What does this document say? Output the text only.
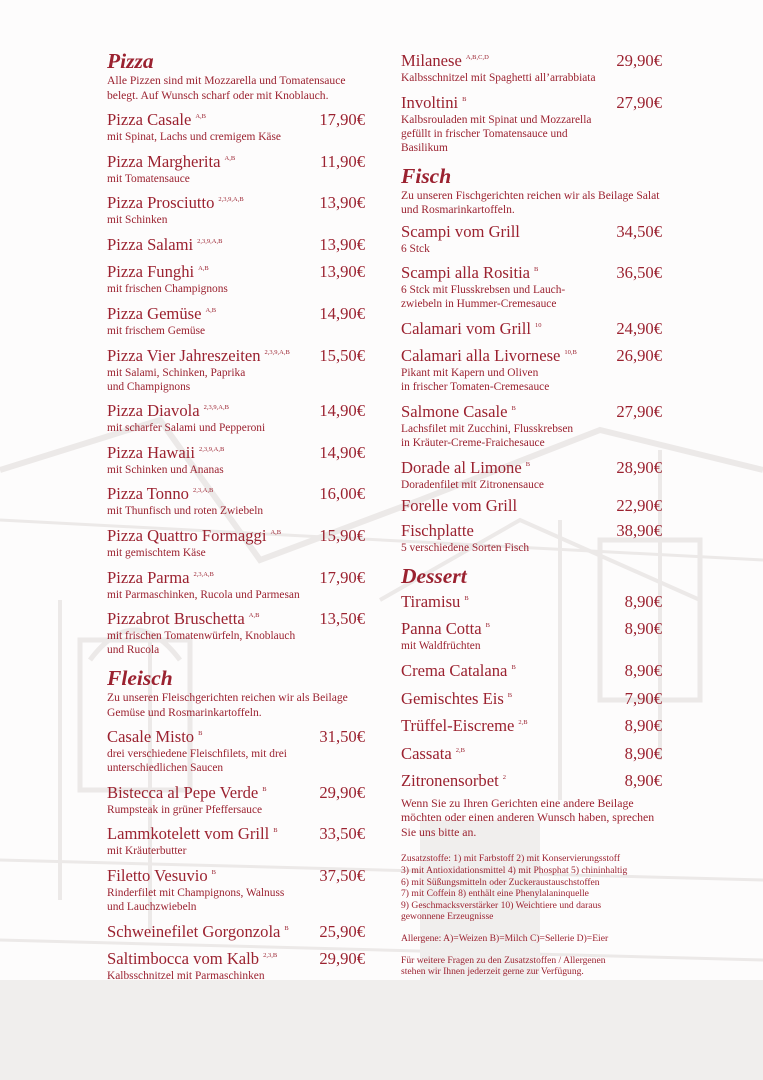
Pizza
Alle Pizzen sind mit Mozzarella und Tomatensauce belegt. Auf Wunsch scharf oder mit Knoblauch.
Pizza Casale $^{A,B}$	17,90€
mit Spinat, Lachs und cremigem Käse
Pizza Margherita $^{A,B}$	11,90€
mit Tomatensauce
Pizza Prosciutto $^{2,3,9,A,B}$	13,90€
mit Schinken
Pizza Salami $^{2,3,9,A,B}$	13,90€
Pizza Funghi $^{A,B}$	13,90€
mit frischen Champignons
Pizza Gemüse $^{A,B}$	14,90€
mit frischem Gemüse
Pizza Vier Jahreszeiten $^{2,3,9,A,B}$ 15,50€
mit Salami, Schinken, Paprika
und Champignons
Pizza Diavola $^{2,3,9,A,B}$	14,90€
mit scharfer Salami und Pepperoni
Pizza Hawaii $^{2,3,9,A,B}$	14,90€
mit Schinken und Ananas
Pizza Tonno $^{2,3,A,B}$	16,00€
mit Thunfisch und roten Zwiebeln
Pizza Quattro Formaggi $^{A,B}$ 15,90€
mit gemischtem Käse
Pizza Parma $^{2,3,A,B}$	17,90€
mit Parmaschinken, Rucola und Parmesan
Pizzabrot Bruschetta $^{A,B}$	13,50€
mit frischen Tomatenwürfeln, Knoblauch
und Rucola
Fleisch
Zu unseren Fleischgerichten reichen wir als Beilage Gemüse und Rosmarinkartoffeln.
Casale Misto $^B$	31,50€
drei verschiedene Fleischfilets, mit drei
unterschiedlichen Saucen
Bistecca al Pepe Verde $^B$	29,90€
Rumpsteak in grüner Pfeffersauce
Lammkotelett vom Grill $^B$	33,50€
mit Kräuterbutter
Filetto Vesuvio $^B$	37,50€
Rinderfilet mit Champignons, Walnuss
und Lauchzwiebeln
Schweinefilet Gorgonzola $^B$ 25,90€
Saltimbocca vom Kalb $^{2,3,B}$	29,90€
Kalbsschnitzel mit Parmaschinken
Milanese $^{A,B,C,D}$	29,90€
Kalbsschnitzel mit Spaghetti all’arrabbiata
Involtini $^B$	27,90€
Kalbsrouladen mit Spinat und Mozzarella
gefüllt in frischer Tomatensauce und
Basilikum
Fisch
Zu unseren Fischgerichten reichen wir als Beilage Salat und Rosmarinkartoffeln.
Scampi vom Grill	34,50€
6 Stck
Scampi alla Rositia $^B$	36,50€
6 Stck mit Flusskrebsen und Lauch-
zwiebeln in Hummer-Cremesauce
Calamari vom Grill $^{10}$	24,90€
Calamari alla Livornese $^{10,B}$ 26,90€
Pikant mit Kapern und Oliven
in frischer Tomaten-Cremesauce
Salmone Casale $^B$	27,90€
Lachsfilet mit Zucchini, Flusskrebsen
in Kräuter-Creme-Fraichesauce
Dorade al Limone $^B$	28,90€
Doradenfilet mit Zitronensauce
Forelle vom Grill	22,90€
Fischplatte	38,90€
5 verschiedene Sorten Fisch
Dessert
Tiramisu $^B$	8,90€
Panna Cotta $^B$	8,90€
mit Waldfrüchten
Crema Catalana $^B$	8,90€
Gemischtes Eis $^B$	7,90€
Trüffel-Eiscreme $^{2,B}$	8,90€
Cassata $^{2,B}$	8,90€
Zitronensorbet $^2$	8,90€
Wenn Sie zu Ihren Gerichten eine andere Beilage möchten oder einen anderen Wunsch haben, sprechen Sie uns bitte an.
Zusatzstoffe: 1) mit Farbstoff 2) mit Konservierungsstoff
3) mit Antioxidationsmittel 4) mit Phosphat 5) chininhaltig
6) mit Süßungsmitteln oder Zuckeraustauschstoffen
7) mit Coffein 8) enthält eine Phenylalaninquelle
9) Geschmacksverstärker 10) Weichtiere und daraus
gewonnene Erzeugnisse
Allergene: A)=Weizen B)=Milch C)=Sellerie D)=Eier
Für weitere Fragen zu den Zusatzstoffen / Allergenen
stehen wir Ihnen jederzeit gerne zur Verfügung.
